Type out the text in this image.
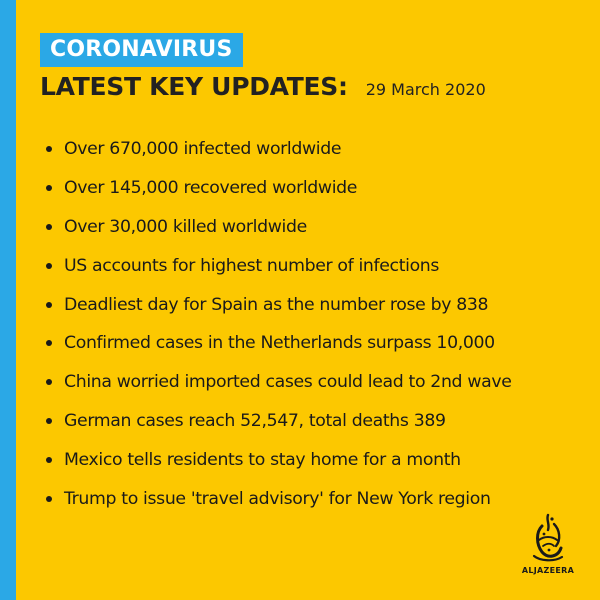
CORONAVIRUS
LATEST KEY UPDATES: 29 March 2020
Over 670,000 infected worldwide
Over 145,000 recovered worldwide
Over 30,000 killed worldwide
US accounts for highest number of infections
Deadliest day for Spain as the number rose by 838
Confirmed cases in the Netherlands surpass 10,000
China worried imported cases could lead to 2nd wave
German cases reach 52,547, total deaths 389
Mexico tells residents to stay home for a month
Trump to issue 'travel advisory' for New York region
ALJAZEERA
